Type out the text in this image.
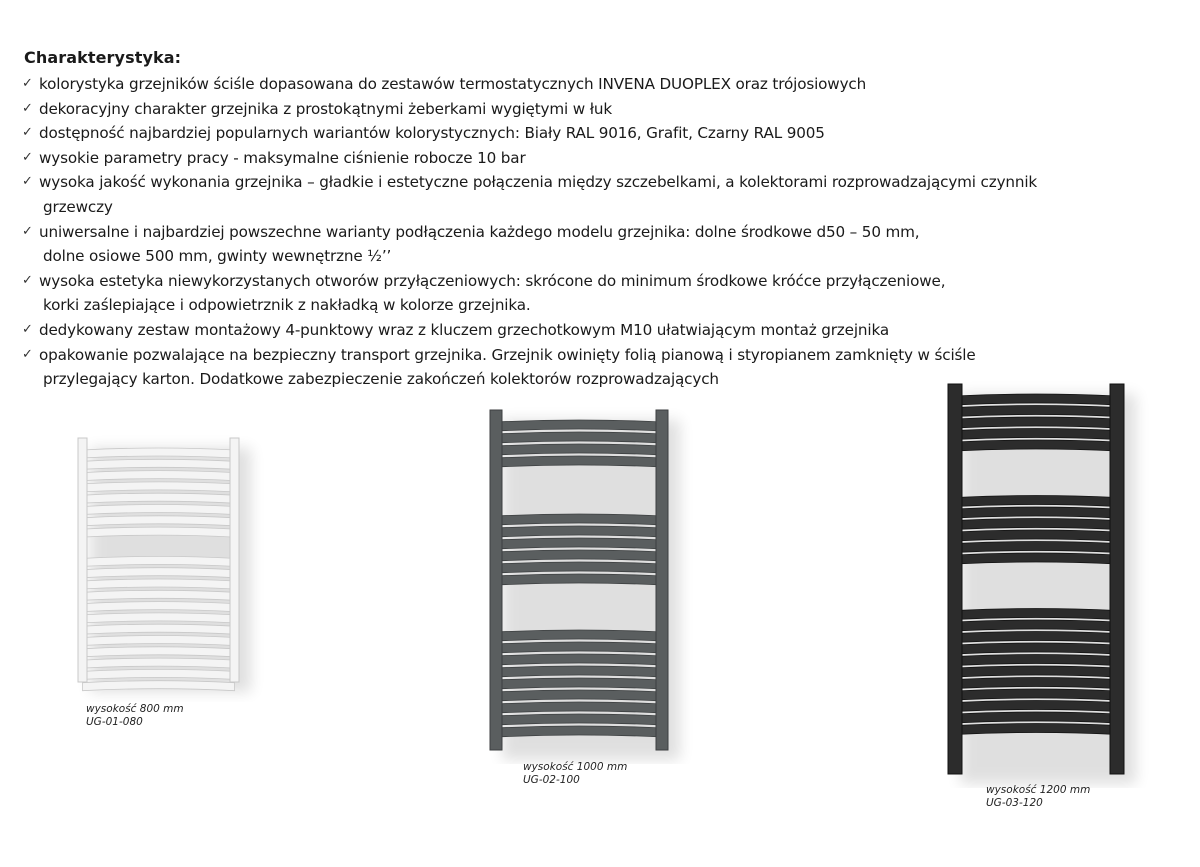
Charakterystyka:
✓ kolorystyka grzejników ściśle dopasowana do zestawów termostatycznych INVENA DUOPLEX oraz trójosiowych
✓ dekoracyjny charakter grzejnika z prostokątnymi żeberkami wygiętymi w łuk
✓ dostępność najbardziej popularnych wariantów kolorystycznych: Biały RAL 9016, Grafit, Czarny RAL 9005
✓ wysokie parametry pracy - maksymalne ciśnienie robocze 10 bar
✓ wysoka jakość wykonania grzejnika – gładkie i estetyczne połączenia między szczebelkami, a kolektorami rozprowadzającymi czynnik
grzewczy
✓ uniwersalne i najbardziej powszechne warianty podłączenia każdego modelu grzejnika: dolne środkowe d50 – 50 mm,
dolne osiowe 500 mm, gwinty wewnętrzne ½’’
✓ wysoka estetyka niewykorzystanych otworów przyłączeniowych: skrócone do minimum środkowe króćce przyłączeniowe,
korki zaślepiające i odpowietrznik z nakładką w kolorze grzejnika.
✓ dedykowany zestaw montażowy 4-punktowy wraz z kluczem grzechotkowym M10 ułatwiającym montaż grzejnika
✓ opakowanie pozwalające na bezpieczny transport grzejnika. Grzejnik owinięty folią pianową i styropianem zamknięty w ściśle
przylegający karton. Dodatkowe zabezpieczenie zakończeń kolektorów rozprowadzających
wysokość 800 mm
UG-01-080
wysokość 1000 mm
UG-02-100
wysokość 1200 mm
UG-03-120
